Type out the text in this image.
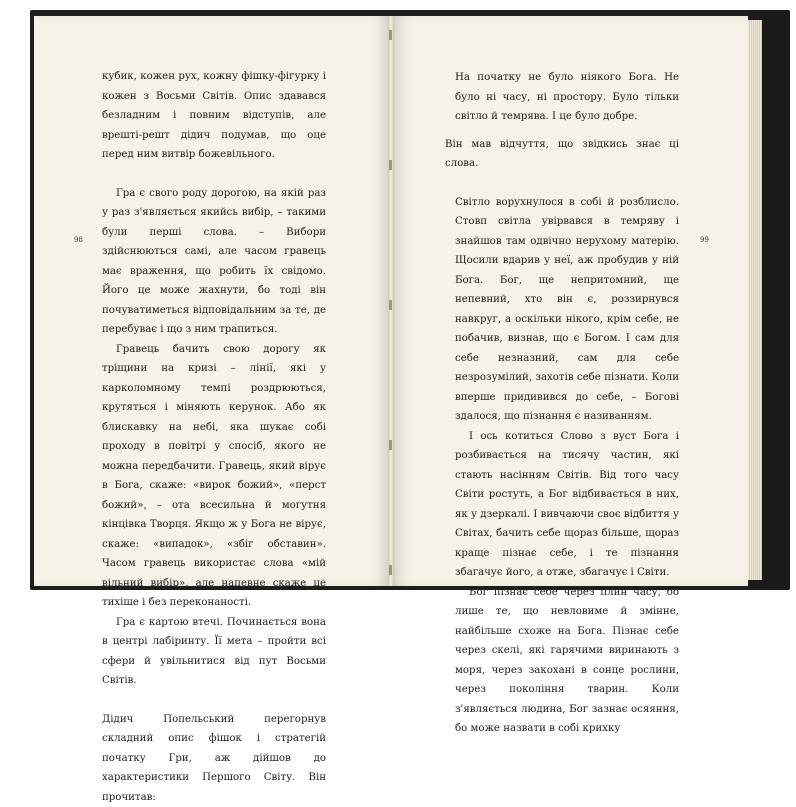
98	99

кубик, кожен рух, кожну фішку-фігурку і кожен з Восьми Світів. Опис здавався безладним і повним відступів, але врешті-решт дідич подумав, що оце перед ним витвір божевільного.

Гра є свого роду дорогою, на якій раз у раз з'являється якийсь вибір, – такими були перші слова. – Вибори здійснюються самі, але часом гравець має враження, що робить їх свідомо. Його це може жахнути, бо тоді він почуватиметься відповідальним за те, де перебуває і що з ним трапиться.

Гравець бачить свою дорогу як тріщини на кризі – лінії, які у карколомному темпі роздрюються, крутяться і міняють керунок. Або як блискавку на небі, яка шукає собі проходу в повітрі у спосіб, якого не можна передбачити. Гравець, який вірує в Бога, скаже: «вирок божий», «перст божий», – ота всесильна й могутня кінцівка Творця. Якщо ж у Бога не вірує, скаже: «випадок», «збіг обставин». Часом гравець використає слова «мій вільний вибір», але напевне скаже це тихіше і без переконаності.

Гра є картою втечі. Починається вона в центрі лабіринту. Її мета – пройти всі сфери й увільнитися від пут Восьми Світів.

Дідич Попельський перегорнув складний опис фішок і стратегій початку Гри, аж дійшов до характеристики Першого Світу. Він прочитав:

На початку не було ніякого Бога. Не було ні часу, ні простору. Було тільки світло й темрява. І це було добре.

Він мав відчуття, що звідкись знає ці слова.

Світло ворухнулося в собі й розблисло. Стовп світла увірвався в темряву і знайшов там одвічно нерухому матерію. Щосили вдарив у неї, аж пробудив у ній Бога. Бог, ще непритомний, ще непевний, хто він є, роззирнувся навкруг, а оскільки нікого, крім себе, не побачив, визнав, що є Богом. І сам для себе незназний, сам для себе незрозумілий, захотів себе пізнати. Коли вперше придивився до себе, – Богові здалося, що пізнання є називанням.

І ось котиться Слово з вуст Бога і розбивається на тисячу частин, які стають насінням Світів. Від того часу Світи ростуть, а Бог відбивається в них, як у дзеркалі. І вивчаючи своє відбиття у Світах, бачить себе щораз більше, щораз краще пізнає себе, і те пізнання збагачує його, а отже, збагачує і Світи.

Бог пізнає себе через плин часу, бо лише те, що невловиме й змінне, найбільше схоже на Бога. Пізнає себе через скелі, які гарячими виринають з моря, через закохані в сонце рослини, через покоління тварин. Коли з'являється людина, Бог зазнає осяяння, бо може назвати в собі крихку
